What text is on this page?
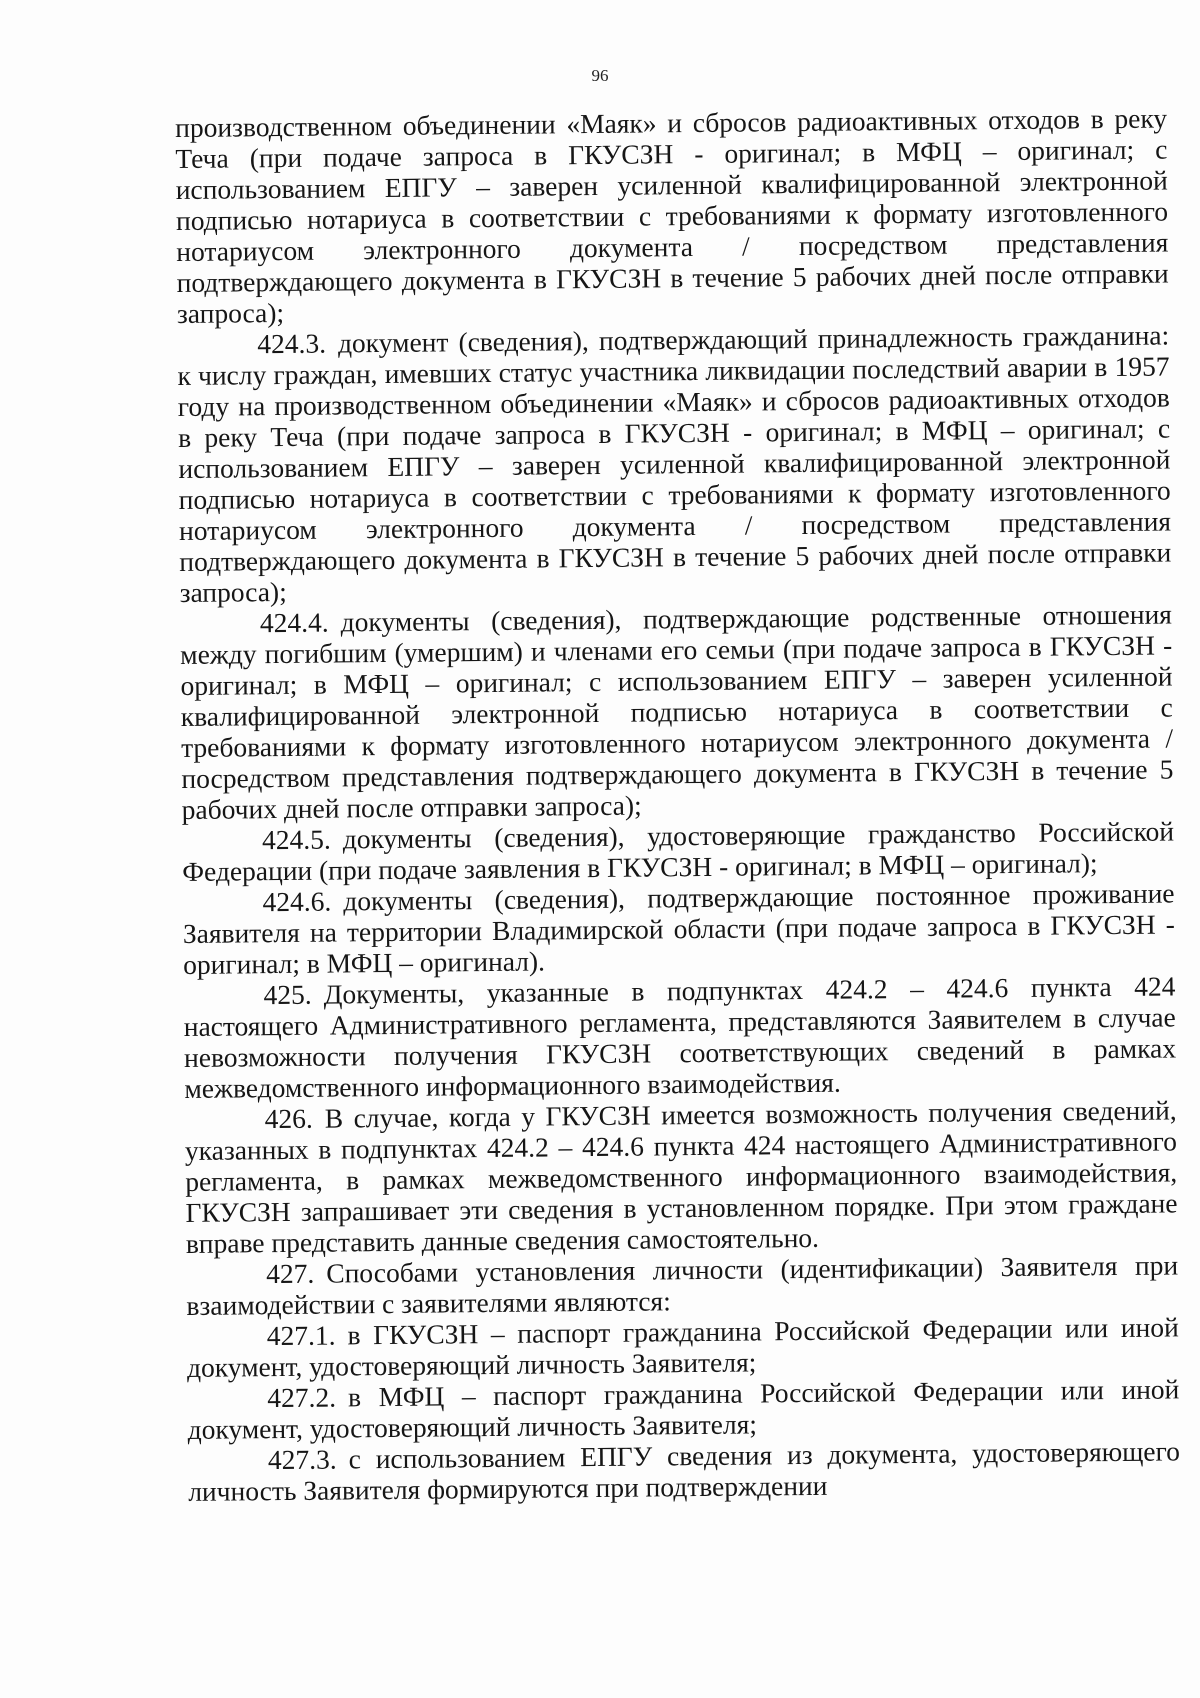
96

производственном объединении «Маяк» и сбросов радиоактивных отходов в реку Теча (при подаче запроса в ГКУСЗН - оригинал; в МФЦ – оригинал; с использованием ЕПГУ – заверен усиленной квалифицированной электронной подписью нотариуса в соответствии с требованиями к формату изготовленного нотариусом электронного документа / посредством представления подтверждающего документа в ГКУСЗН в течение 5 рабочих дней после отправки запроса);

424.3. документ (сведения), подтверждающий принадлежность гражданина: к числу граждан, имевших статус участника ликвидации последствий аварии в 1957 году на производственном объединении «Маяк» и сбросов радиоактивных отходов в реку Теча (при подаче запроса в ГКУСЗН - оригинал; в МФЦ – оригинал; с использованием ЕПГУ – заверен усиленной квалифицированной электронной подписью нотариуса в соответствии с требованиями к формату изготовленного нотариусом электронного документа / посредством представления подтверждающего документа в ГКУСЗН в течение 5 рабочих дней после отправки запроса);

424.4. документы (сведения), подтверждающие родственные отношения между погибшим (умершим) и членами его семьи (при подаче запроса в ГКУСЗН - оригинал; в МФЦ – оригинал; с использованием ЕПГУ – заверен усиленной квалифицированной электронной подписью нотариуса в соответствии с требованиями к формату изготовленного нотариусом электронного документа / посредством представления подтверждающего документа в ГКУСЗН в течение 5 рабочих дней после отправки запроса);

424.5. документы (сведения), удостоверяющие гражданство Российской Федерации (при подаче заявления в ГКУСЗН - оригинал; в МФЦ – оригинал);

424.6. документы (сведения), подтверждающие постоянное проживание Заявителя на территории Владимирской области (при подаче запроса в ГКУСЗН - оригинал; в МФЦ – оригинал).

425. Документы, указанные в подпунктах 424.2 – 424.6 пункта 424 настоящего Административного регламента, представляются Заявителем в случае невозможности получения ГКУСЗН соответствующих сведений в рамках межведомственного информационного взаимодействия.

426. В случае, когда у ГКУСЗН имеется возможность получения сведений, указанных в подпунктах 424.2 – 424.6 пункта 424 настоящего Административного регламента, в рамках межведомственного информационного взаимодействия, ГКУСЗН запрашивает эти сведения в установленном порядке. При этом граждане вправе представить данные сведения самостоятельно.

427. Способами установления личности (идентификации) Заявителя при взаимодействии с заявителями являются:

427.1. в ГКУСЗН – паспорт гражданина Российской Федерации или иной документ, удостоверяющий личность Заявителя;

427.2. в МФЦ – паспорт гражданина Российской Федерации или иной документ, удостоверяющий личность Заявителя;

427.3. с использованием ЕПГУ сведения из документа, удостоверяющего личность Заявителя формируются при подтверждении
